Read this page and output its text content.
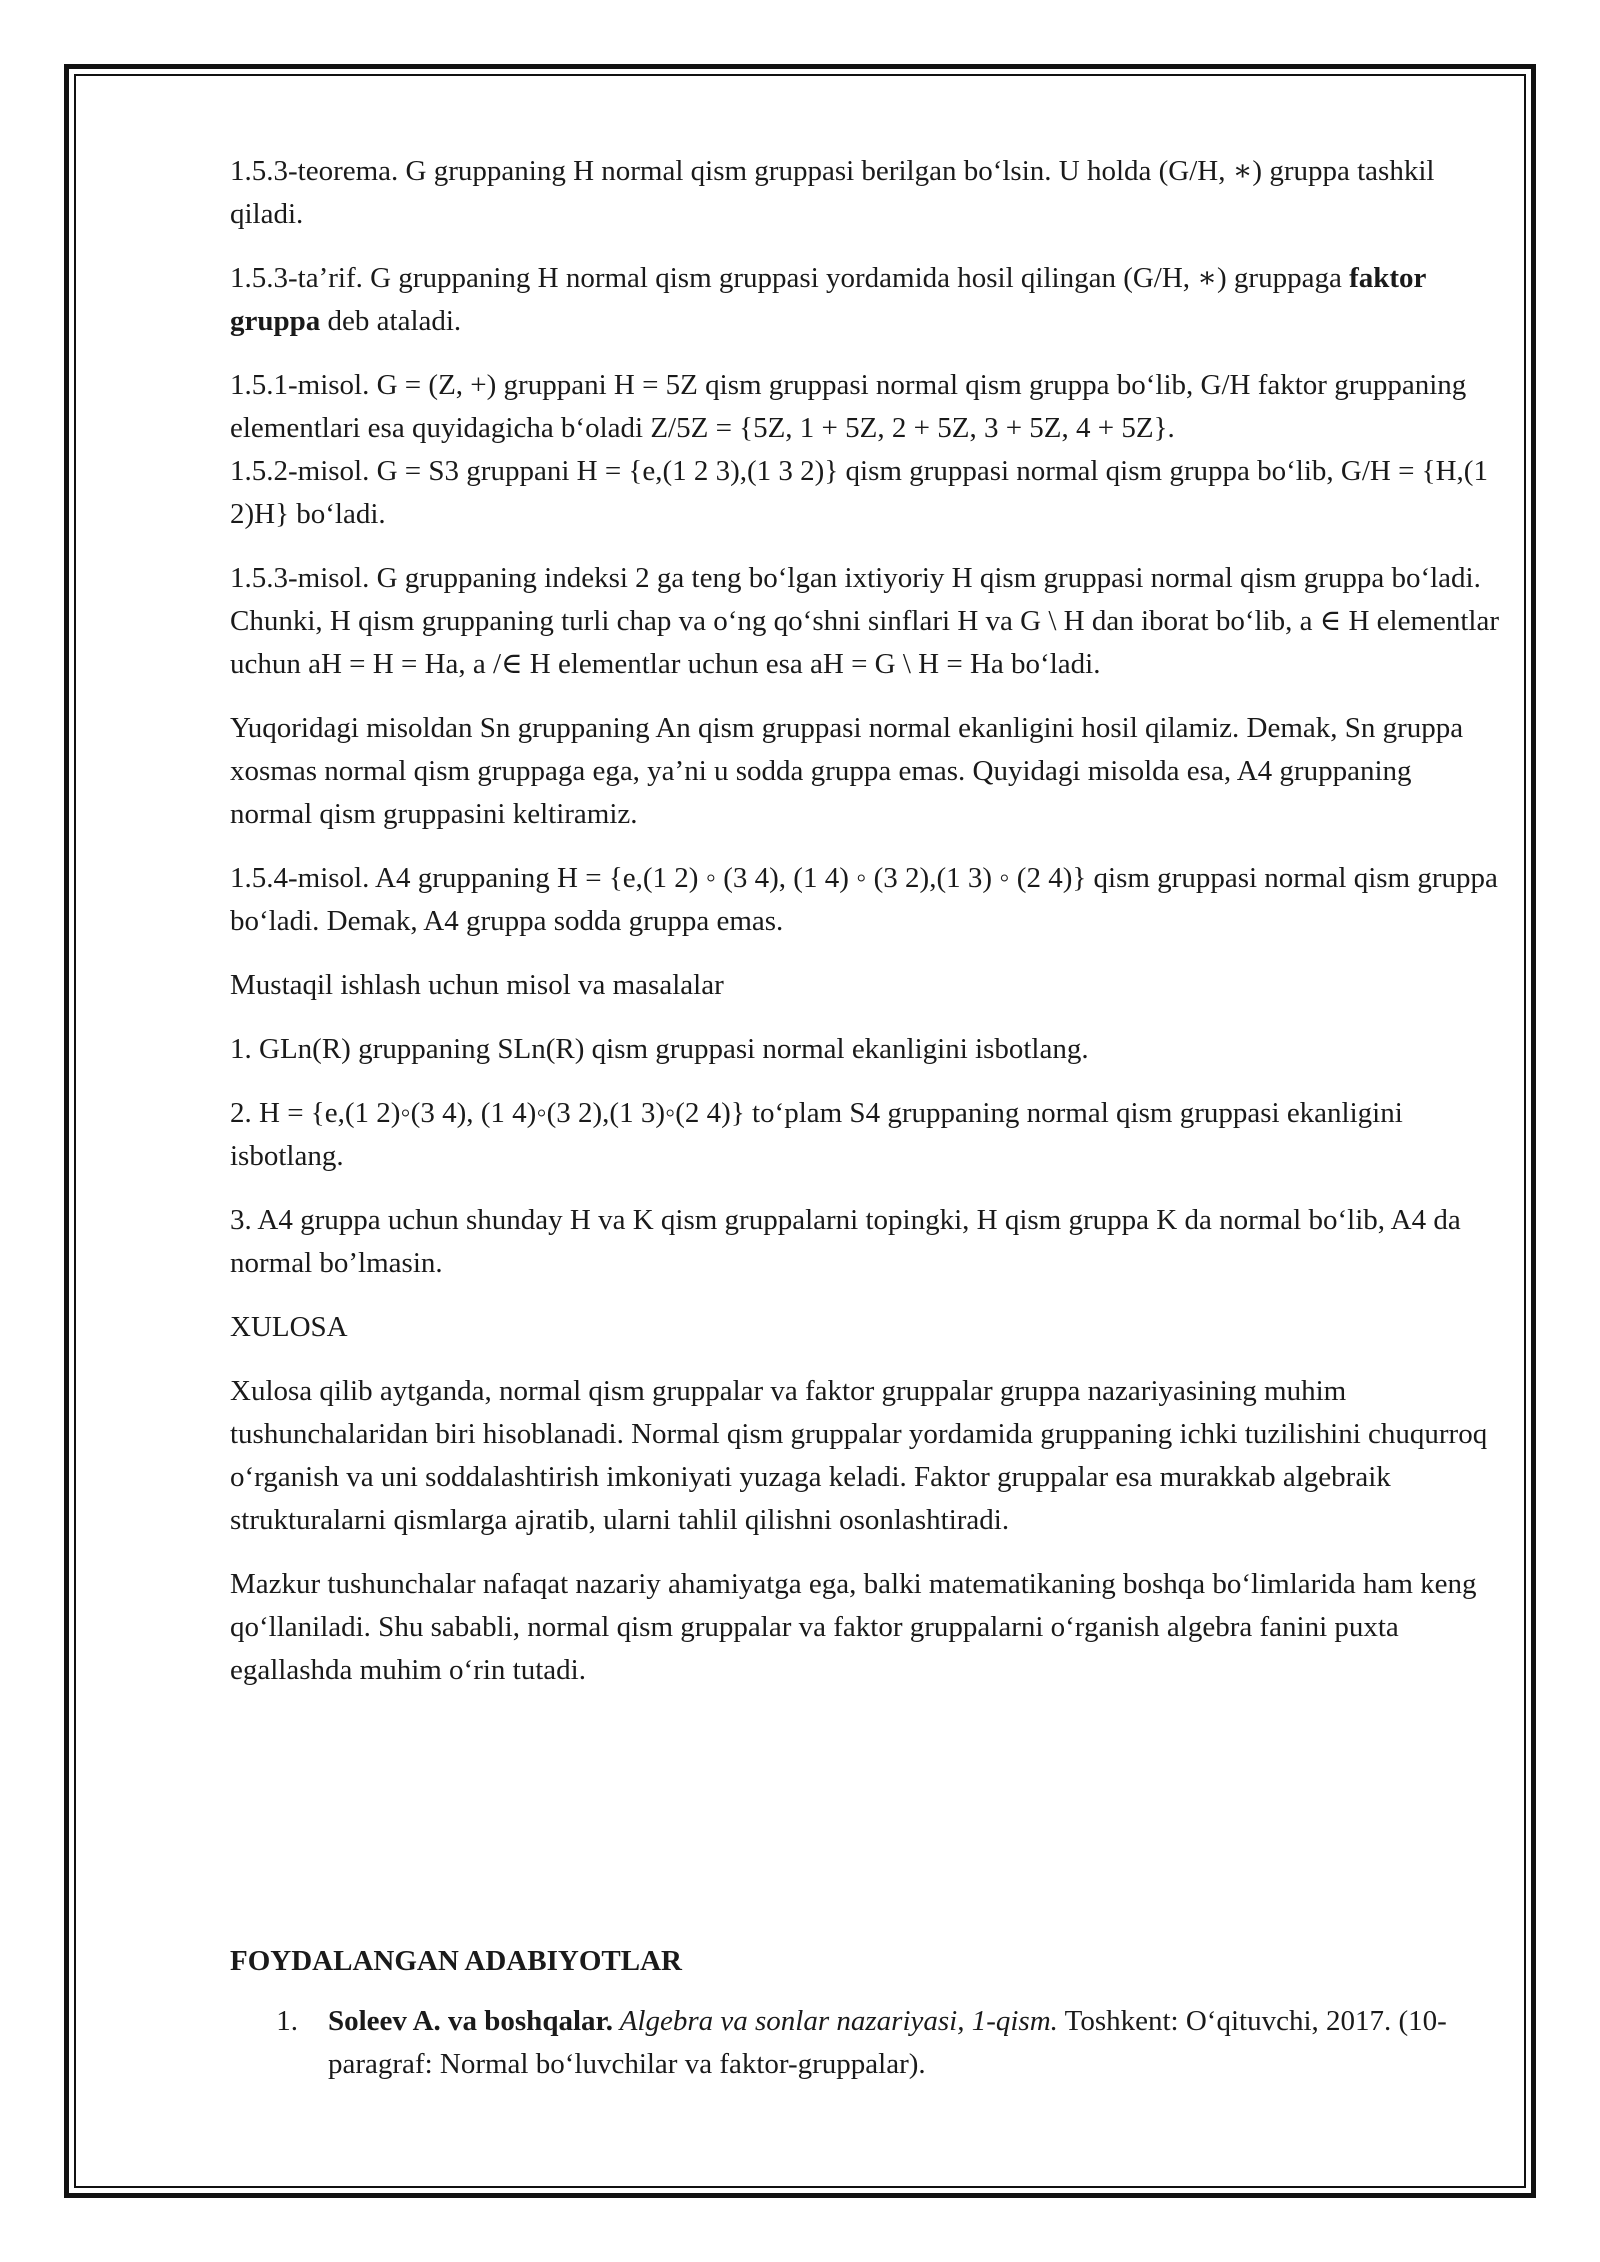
1.5.3-teorema. G gruppaning H normal qism gruppasi berilgan bo‘lsin. U holda (G/H, ∗) gruppa tashkil qiladi.

1.5.3-ta’rif. G gruppaning H normal qism gruppasi yordamida hosil qilingan (G/H, ∗) gruppaga faktor gruppa deb ataladi.

1.5.1-misol. G = (Z, +) gruppani H = 5Z qism gruppasi normal qism gruppa bo‘lib, G/H faktor gruppaning elementlari esa quyidagicha b‘oladi Z/5Z = {5Z, 1 + 5Z, 2 + 5Z, 3 + 5Z, 4 + 5Z}.

1.5.2-misol. G = S3 gruppani H = {e,(1 2 3),(1 3 2)} qism gruppasi normal qism gruppa bo‘lib, G/H = {H,(1 2)H} bo‘ladi.

1.5.3-misol. G gruppaning indeksi 2 ga teng bo‘lgan ixtiyoriy H qism gruppasi normal qism gruppa bo‘ladi. Chunki, H qism gruppaning turli chap va o‘ng qo‘shni sinflari H va G \ H dan iborat bo‘lib, a ∈ H elementlar uchun aH = H = Ha, a /∈ H elementlar uchun esa aH = G \ H = Ha bo‘ladi.

Yuqoridagi misoldan Sn gruppaning An qism gruppasi normal ekanligini hosil qilamiz. Demak, Sn gruppa xosmas normal qism gruppaga ega, ya’ni u sodda gruppa emas. Quyidagi misolda esa, A4 gruppaning normal qism gruppasini keltiramiz.

1.5.4-misol. A4 gruppaning H = {e,(1 2) ◦ (3 4), (1 4) ◦ (3 2),(1 3) ◦ (2 4)} qism gruppasi normal qism gruppa bo‘ladi. Demak, A4 gruppa sodda gruppa emas.

Mustaqil ishlash uchun misol va masalalar

1. GLn(R) gruppaning SLn(R) qism gruppasi normal ekanligini isbotlang.

2. H = {e,(1 2)◦(3 4), (1 4)◦(3 2),(1 3)◦(2 4)} to‘plam S4 gruppaning normal qism gruppasi ekanligini isbotlang.

3. A4 gruppa uchun shunday H va K qism gruppalarni topingki, H qism gruppa K da normal bo‘lib, A4 da normal bo’lmasin.

XULOSA

Xulosa qilib aytganda, normal qism gruppalar va faktor gruppalar gruppa nazariyasining muhim tushunchalaridan biri hisoblanadi. Normal qism gruppalar yordamida gruppaning ichki tuzilishini chuqurroq o‘rganish va uni soddalashtirish imkoniyati yuzaga keladi. Faktor gruppalar esa murakkab algebraik strukturalarni qismlarga ajratib, ularni tahlil qilishni osonlashtiradi.

Mazkur tushunchalar nafaqat nazariy ahamiyatga ega, balki matematikaning boshqa bo‘limlarida ham keng qo‘llaniladi. Shu sababli, normal qism gruppalar va faktor gruppalarni o‘rganish algebra fanini puxta egallashda muhim o‘rin tutadi.

FOYDALANGAN ADABIYOTLAR
1.	Soleev A. va boshqalar. Algebra va sonlar nazariyasi, 1-qism. Toshkent: O‘qituvchi, 2017. (10-paragraf: Normal bo‘luvchilar va faktor-gruppalar).
